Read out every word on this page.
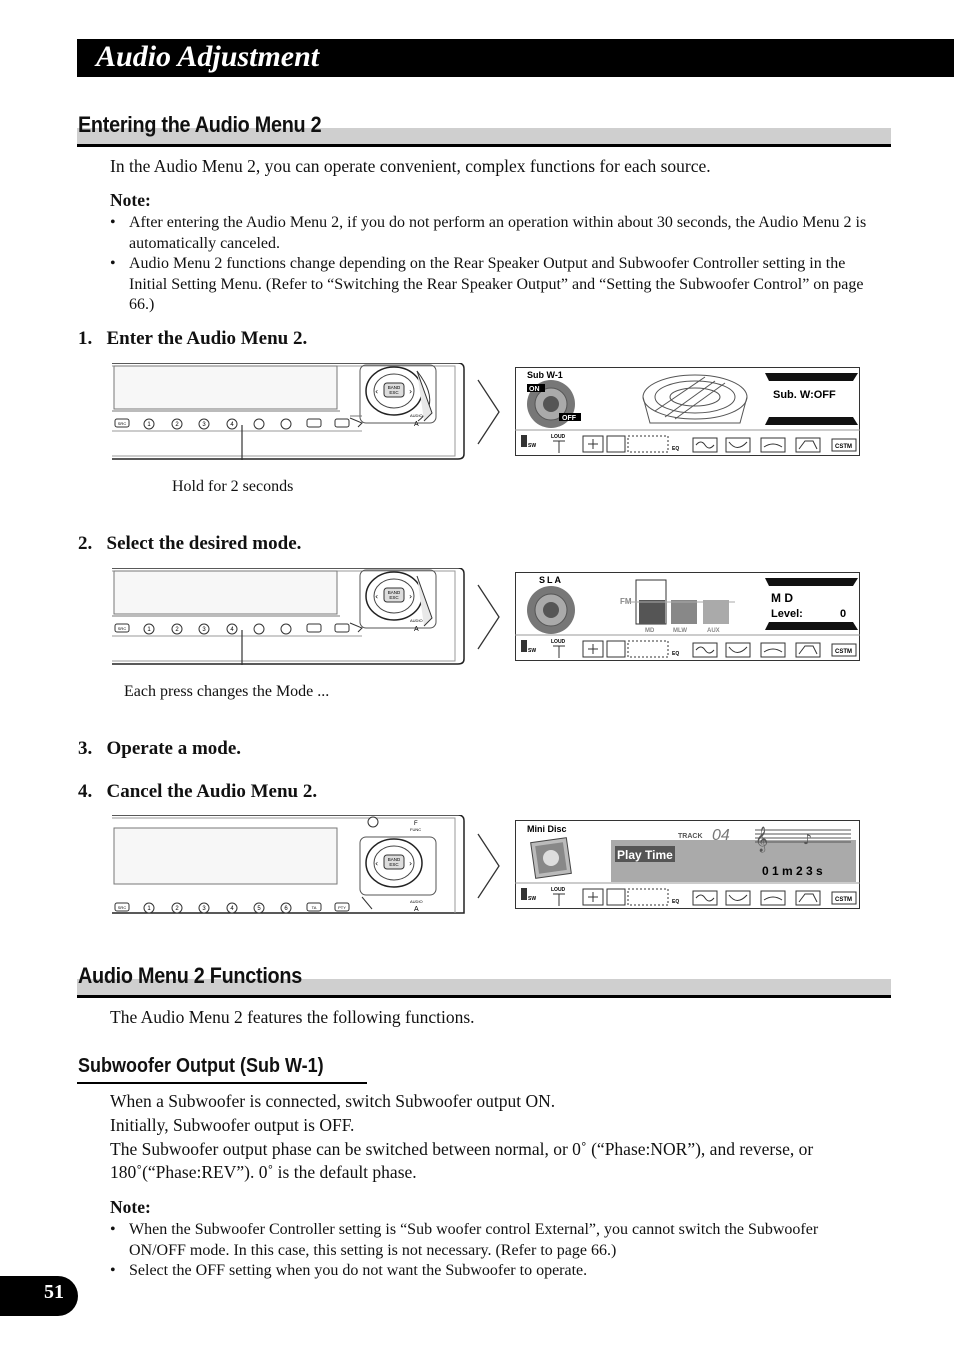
Audio Adjustment
Entering the Audio Menu 2
In the Audio Menu 2, you can operate convenient, complex functions for each source.
Note:
• After entering the Audio Menu 2, if you do not perform an operation within about 30 seconds, the Audio Menu 2 is automatically canceled.
• Audio Menu 2 functions change depending on the Rear Speaker Output and Subwoofer Controller setting in the Initial Setting Menu. (Refer to “Switching the Rear Speaker Output” and “Setting the Subwoofer Control” on page 66.)
1. Enter the Audio Menu 2.
BAND
ESC
‹	›
AUDIO
A
SRC	1	2	3	4
Sub W-1
ON
OFF
Sub. W:OFF
SW
LOUD
EQ	CSTM
Hold for 2 seconds
2. Select the desired mode.
BAND
ESC
‹	›
AUDIO
A
SRC	1	2	3	4
SLA
FM
MD	MLW	AUX
M D
Level:	0
SW
LOUD
EQ	CSTM
Each press changes the Mode ...
3. Operate a mode.
4. Cancel the Audio Menu 2.
BAND
ESC
‹	›
F
FUNC
AUDIO
A
SRC	1	2	3	4	5	6	TA	PTY
Mini Disc
Play Time
TRACK 04 𝄞 ♪
0 1 m 2 3 s
SW
LOUD
EQ	CSTM
Audio Menu 2 Functions
The Audio Menu 2 features the following functions.
Subwoofer Output (Sub W-1)
When a Subwoofer is connected, switch Subwoofer output ON.
Initially, Subwoofer output is OFF.
The Subwoofer output phase can be switched between normal, or 0˚ (“Phase:NOR”), and reverse, or 180˚(“Phase:REV”). 0˚ is the default phase.
Note:
• When the Subwoofer Controller setting is “Sub woofer control External”, you cannot switch the Subwoofer ON/OFF mode. In this case, this setting is not necessary. (Refer to page 66.)
• Select the OFF setting when you do not want the Subwoofer to operate.
51
